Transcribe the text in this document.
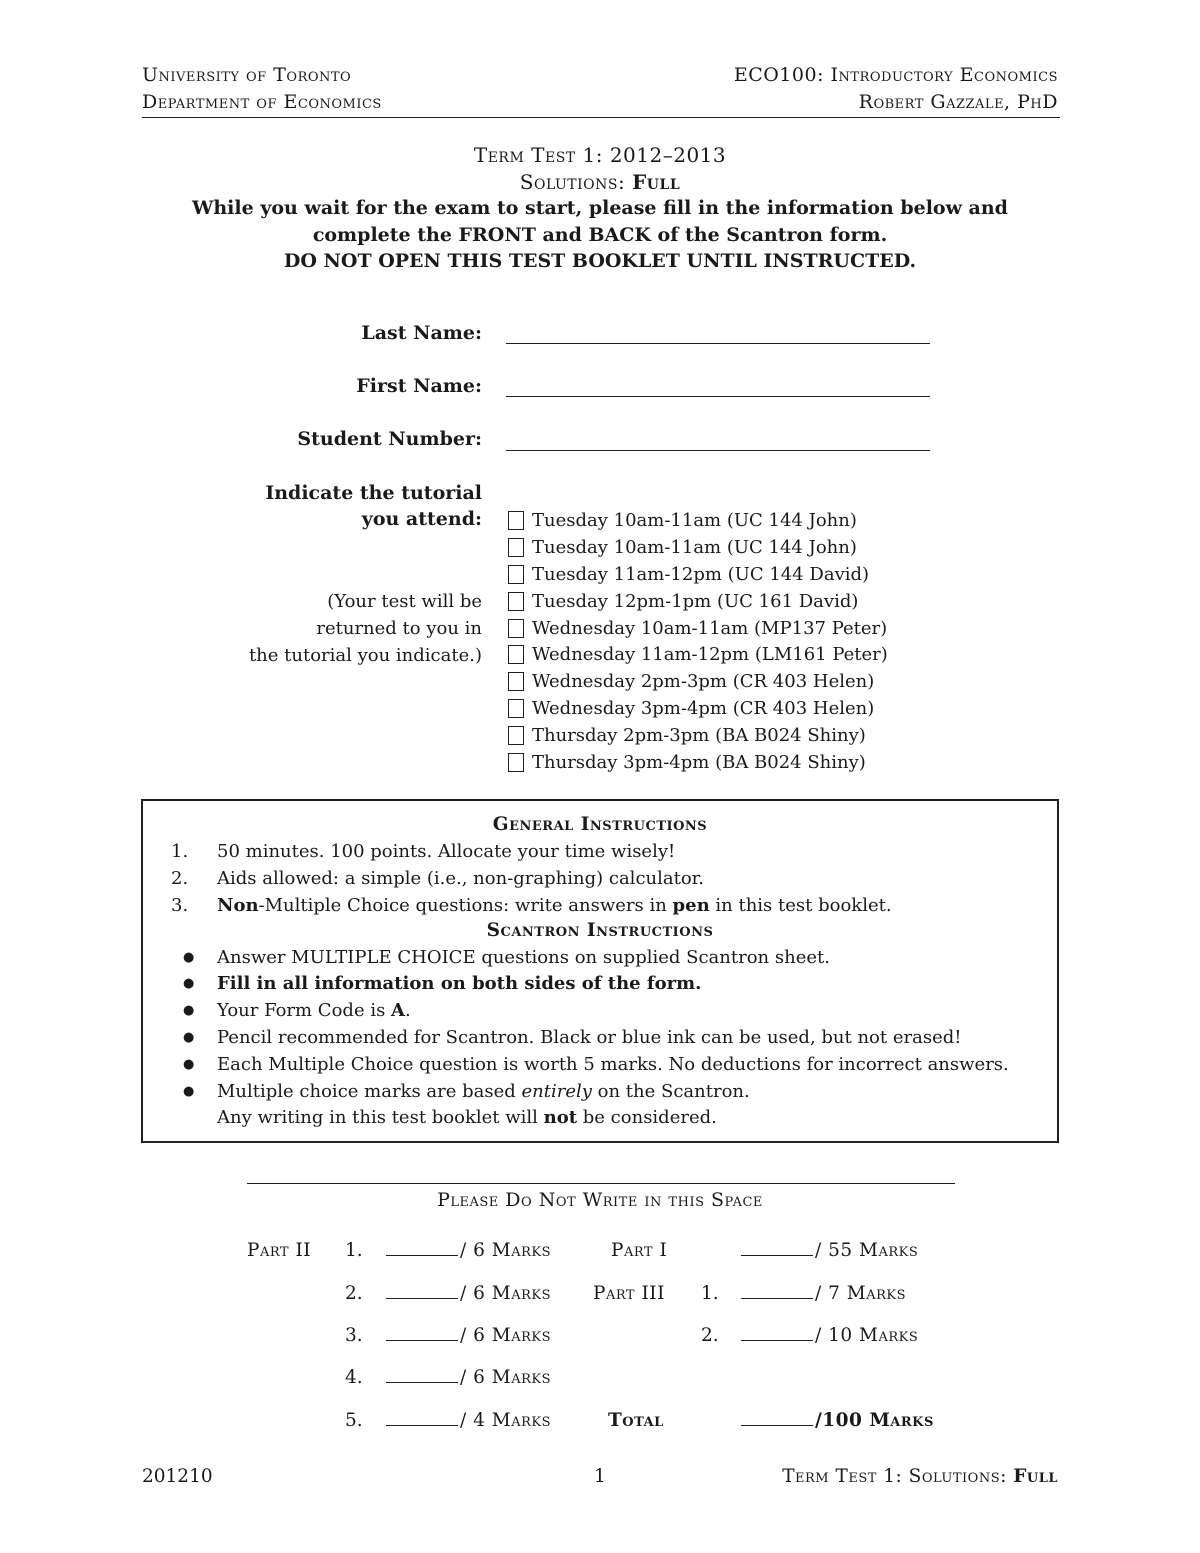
University of Toronto
Department of Economics
ECO100: Introductory Economics
Robert Gazzale, PhD
Term Test 1: 2012–2013
Solutions: Full
While you wait for the exam to start, please fill in the information below and
complete the FRONT and BACK of the Scantron form.
DO NOT OPEN THIS TEST BOOKLET UNTIL INSTRUCTED.
Last Name:
First Name:
Student Number:
Indicate the tutorial
you attend:
(Your test will be
returned to you in
the tutorial you indicate.)
Tuesday 10am-11am (UC 144 John)
Tuesday 10am-11am (UC 144 John)
Tuesday 11am-12pm (UC 144 David)
Tuesday 12pm-1pm (UC 161 David)
Wednesday 10am-11am (MP137 Peter)
Wednesday 11am-12pm (LM161 Peter)
Wednesday 2pm-3pm (CR 403 Helen)
Wednesday 3pm-4pm (CR 403 Helen)
Thursday 2pm-3pm (BA B024 Shiny)
Thursday 3pm-4pm (BA B024 Shiny)
General Instructions
1. 50 minutes. 100 points. Allocate your time wisely!
2. Aids allowed: a simple (i.e., non-graphing) calculator.
3. Non-Multiple Choice questions: write answers in pen in this test booklet.
Scantron Instructions
● Answer MULTIPLE CHOICE questions on supplied Scantron sheet.
● Fill in all information on both sides of the form.
● Your Form Code is A.
● Pencil recommended for Scantron. Black or blue ink can be used, but not erased!
● Each Multiple Choice question is worth 5 marks. No deductions for incorrect answers.
● Multiple choice marks are based entirely on the Scantron.
Any writing in this test booklet will not be considered.
Please Do Not Write in this Space
Part II 1.	/ 6 Marks
2.	/ 6 Marks
3.	/ 6 Marks
4.	/ 6 Marks
5.	/ 4 Marks
Part I	/ 55 Marks
Part III 1.	/ 7 Marks
2.	/ 10 Marks
Total	/100 Marks
201210	1	Term Test 1: Solutions: Full
